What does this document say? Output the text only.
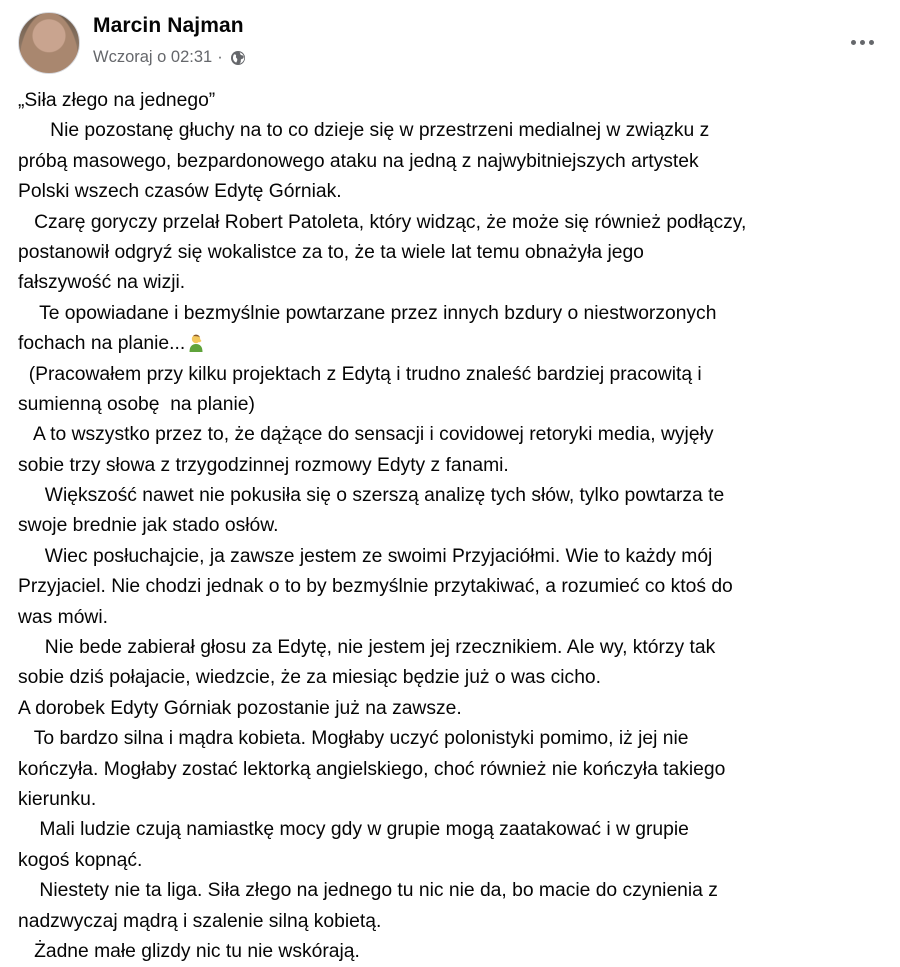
Marcin Najman
Wczoraj o 02:31 ·
„Siła złego na jednego”
Nie pozostanę głuchy na to co dzieje się w przestrzeni medialnej w związku z
próbą masowego, bezpardonowego ataku na jedną z najwybitniejszych artystek
Polski wszech czasów Edytę Górniak.
Czarę goryczy przelał Robert Patoleta, który widząc, że może się również podłączy,
postanowił odgryź się wokalistce za to, że ta wiele lat temu obnażyła jego
fałszywość na wizji.
Te opowiadane i bezmyślnie powtarzane przez innych bzdury o niestworzonych
fochach na planie...
(Pracowałem przy kilku projektach z Edytą i trudno znaleść bardziej pracowitą i
sumienną osobę  na planie)
A to wszystko przez to, że dążące do sensacji i covidowej retoryki media, wyjęły
sobie trzy słowa z trzygodzinnej rozmowy Edyty z fanami.
Większość nawet nie pokusiła się o szerszą analizę tych słów, tylko powtarza te
swoje brednie jak stado osłów.
Wiec posłuchajcie, ja zawsze jestem ze swoimi Przyjaciółmi. Wie to każdy mój
Przyjaciel. Nie chodzi jednak o to by bezmyślnie przytakiwać, a rozumieć co ktoś do
was mówi.
Nie bede zabierał głosu za Edytę, nie jestem jej rzecznikiem. Ale wy, którzy tak
sobie dziś połajacie, wiedzcie, że za miesiąc będzie już o was cicho.
A dorobek Edyty Górniak pozostanie już na zawsze.
To bardzo silna i mądra kobieta. Mogłaby uczyć polonistyki pomimo, iż jej nie
kończyła. Mogłaby zostać lektorką angielskiego, choć również nie kończyła takiego
kierunku.
Mali ludzie czują namiastkę mocy gdy w grupie mogą zaatakować i w grupie
kogoś kopnąć.
Niestety nie ta liga. Siła złego na jednego tu nic nie da, bo macie do czynienia z
nadzwyczaj mądrą i szalenie silną kobietą.
Żadne małe glizdy nic tu nie wskórają.
